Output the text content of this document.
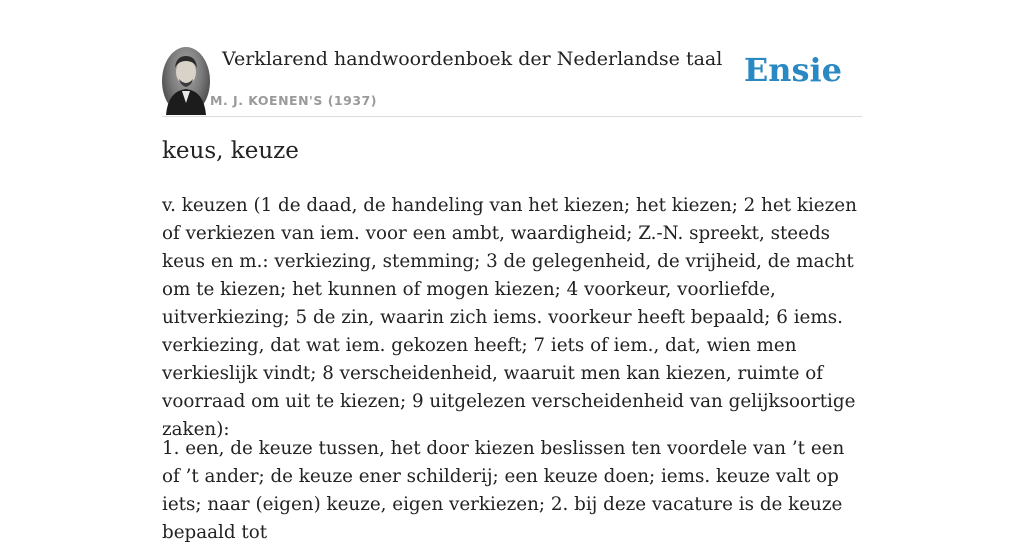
Verklarend handwoordenboek der Nederlandse taal
M. J. KOENEN'S (1937)
Ensie
keus, keuze

v. keuzen (1 de daad, de handeling van het kiezen; het kiezen; 2 het kiezen of verkiezen van iem. voor een ambt, waardigheid; Z.-N. spreekt, steeds keus en m.: verkiezing, stemming; 3 de gelegenheid, de vrijheid, de macht om te kiezen; het kunnen of mogen kiezen; 4 voorkeur, voorliefde, uitverkiezing; 5 de zin, waarin zich iems. voorkeur heeft bepaald; 6 iems. verkiezing, dat wat iem. gekozen heeft; 7 iets of iem., dat, wien men verkieslijk vindt; 8 verscheidenheid, waaruit men kan kiezen, ruimte of voorraad om uit te kiezen; 9 uitgelezen verscheidenheid van gelijksoortige zaken):

1. een, de keuze tussen, het door kiezen beslissen ten voordele van ’t een of ’t ander; de keuze ener schilderij; een keuze doen; iems. keuze valt op iets; naar (eigen) keuze, eigen verkiezen; 2. bij deze vacature is de keuze bepaald tot
